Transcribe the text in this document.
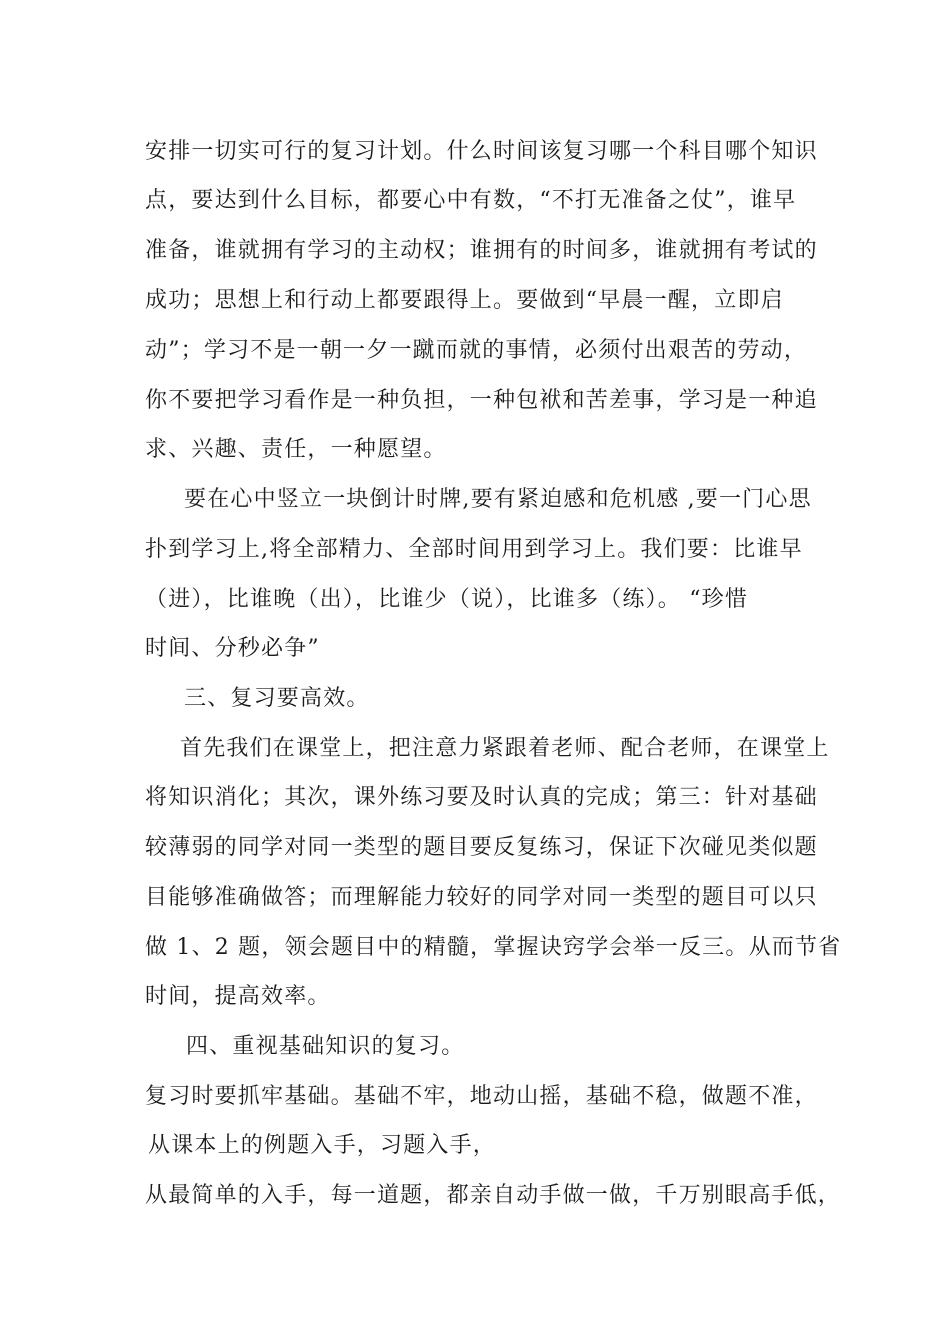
安排一切实可行的复习计划。什么时间该复习哪一个科目哪个知识
点，要达到什么目标，都要心中有数，“不打无准备之仗”，谁早
准备，谁就拥有学习的主动权；谁拥有的时间多，谁就拥有考试的
成功；思想上和行动上都要跟得上。要做到“早晨一醒，立即启
动”；学习不是一朝一夕一蹴而就的事情，必须付出艰苦的劳动，
你不要把学习看作是一种负担，一种包袱和苦差事，学习是一种追
求、兴趣、责任，一种愿望。
要在心中竖立一块倒计时牌,要有紧迫感和危机感 ,要一门心思
扑到学习上,将全部精力、全部时间用到学习上。我们要：比谁早
（进），比谁晚（出），比谁少（说），比谁多（练）。 “珍惜
时间、分秒必争”
三、复习要高效。
首先我们在课堂上，把注意力紧跟着老师、配合老师，在课堂上
将知识消化；其次，课外练习要及时认真的完成；第三：针对基础
较薄弱的同学对同一类型的题目要反复练习，保证下次碰见类似题
目能够准确做答；而理解能力较好的同学对同一类型的题目可以只
做 1、2 题，领会题目中的精髓，掌握诀窍学会举一反三。从而节省
时间，提高效率。
四、重视基础知识的复习。
复习时要抓牢基础。基础不牢，地动山摇，基础不稳，做题不准，
从课本上的例题入手，习题入手，
从最简单的入手，每一道题，都亲自动手做一做，千万别眼高手低，
